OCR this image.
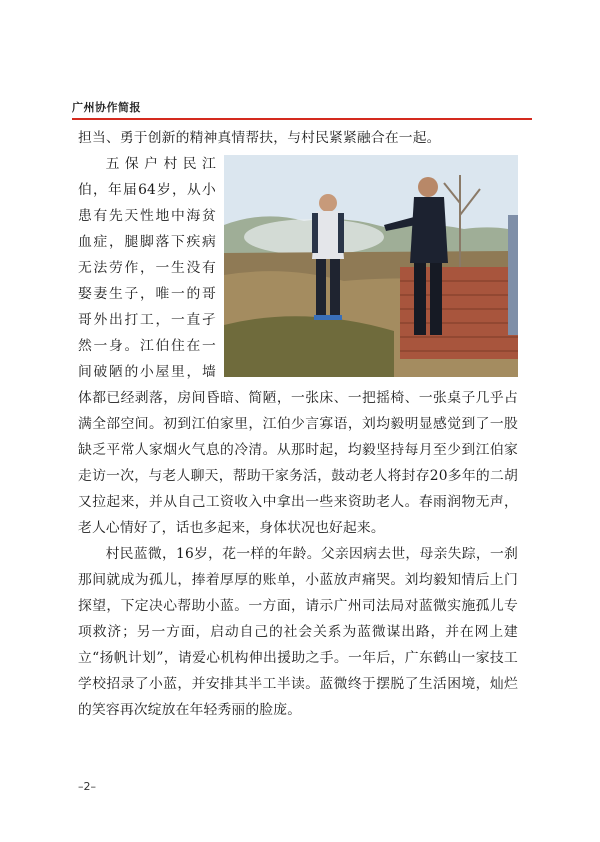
广州协作简报

担当、勇于创新的精神真情帮扶，与村民紧紧融合在一起。

五保户村民江伯，年届64岁，从小患有先天性地中海贫血症，腿脚落下疾病无法劳作，一生没有娶妻生子，唯一的哥哥外出打工，一直孑然一身。江伯住在一间破陋的小屋里，墙体都已经剥落，房间昏暗、简陋，一张床、一把摇椅、一张桌子几乎占满全部空间。初到江伯家里，江伯少言寡语，刘均毅明显感觉到了一股缺乏平常人家烟火气息的冷清。从那时起，均毅坚持每月至少到江伯家走访一次，与老人聊天，帮助干家务活，鼓动老人将封存20多年的二胡又拉起来，并从自己工资收入中拿出一些来资助老人。春雨润物无声，老人心情好了，话也多起来，身体状况也好起来。

村民蓝微，16岁，花一样的年龄。父亲因病去世，母亲失踪，一刹那间就成为孤儿，捧着厚厚的账单，小蓝放声痛哭。刘均毅知情后上门探望，下定决心帮助小蓝。一方面，请示广州司法局对蓝微实施孤儿专项救济；另一方面，启动自己的社会关系为蓝微谋出路，并在网上建立“扬帆计划”，请爱心机构伸出援助之手。一年后，广东鹤山一家技工学校招录了小蓝，并安排其半工半读。蓝微终于摆脱了生活困境，灿烂的笑容再次绽放在年轻秀丽的脸庞。

–2–
